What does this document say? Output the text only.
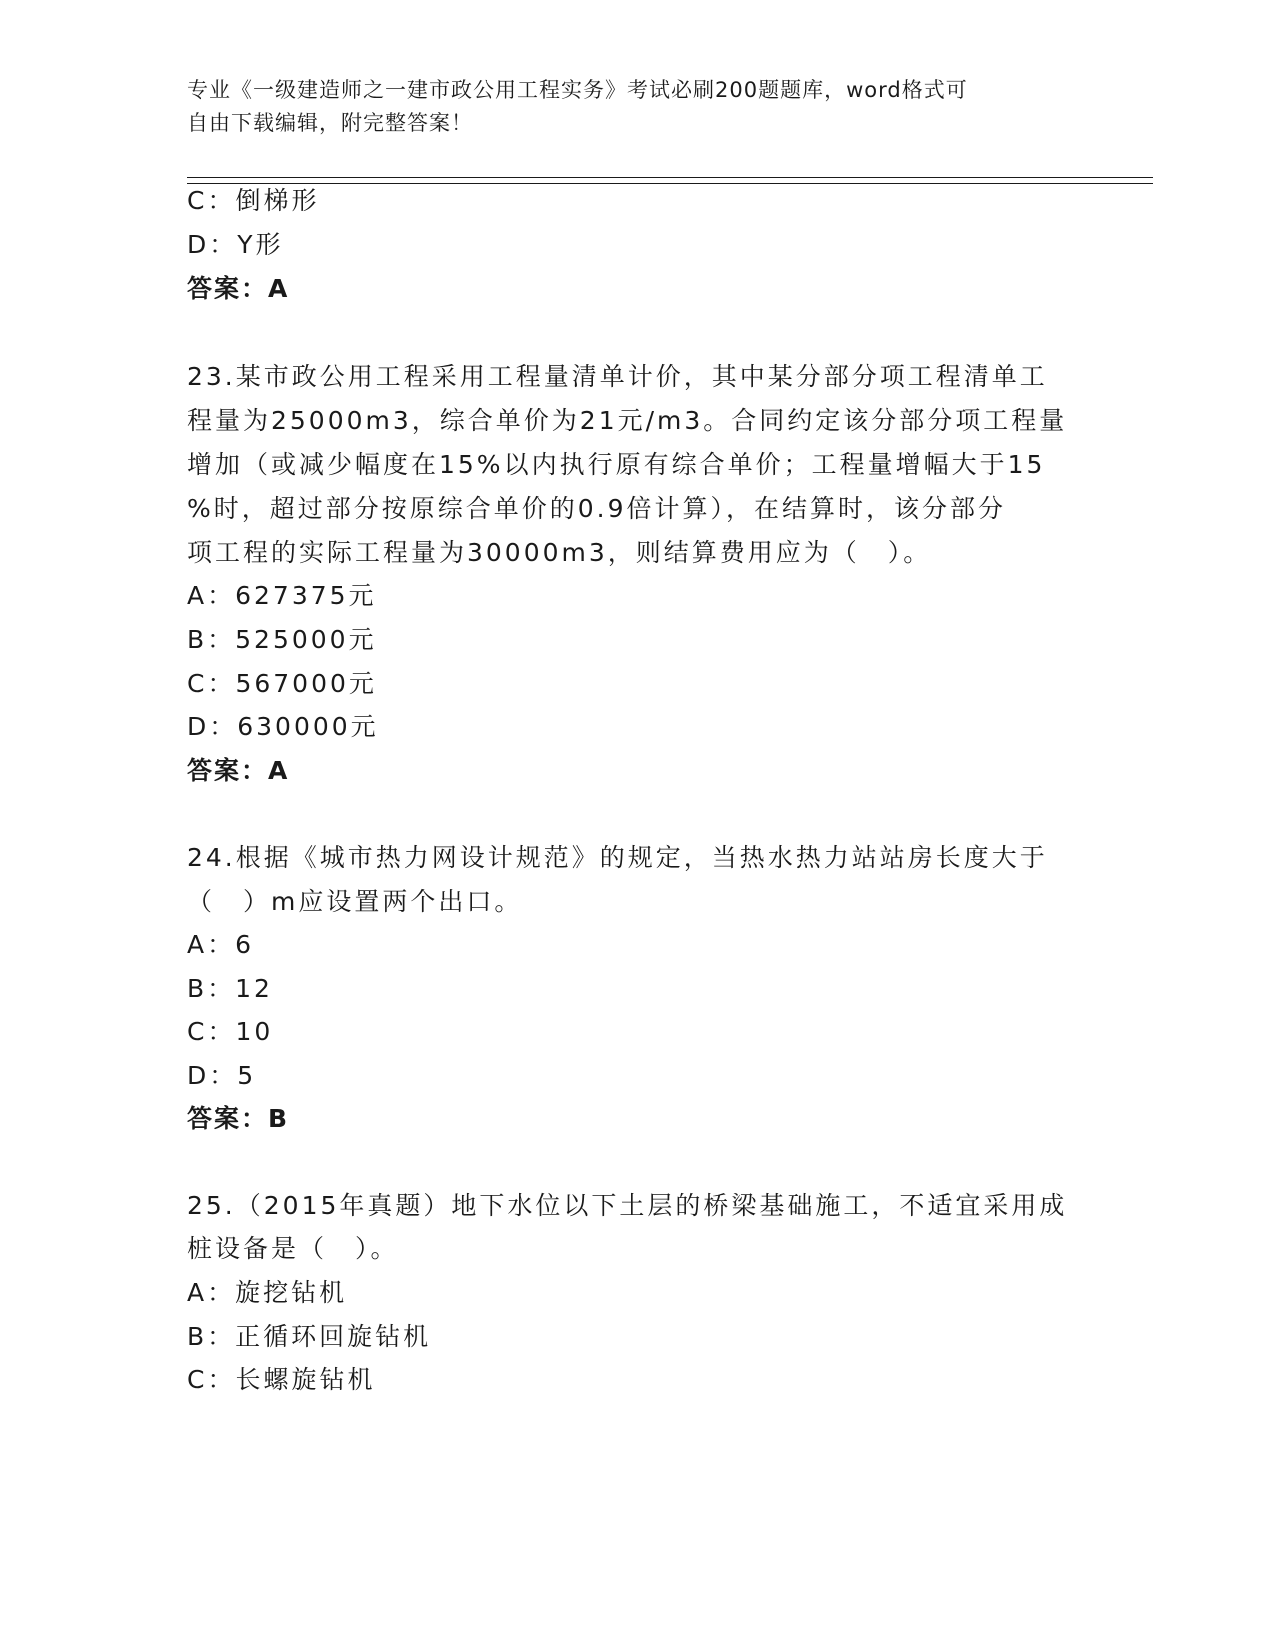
专业《一级建造师之一建市政公用工程实务》考试必刷200题题库，word格式可
自由下载编辑，附完整答案！
C：倒梯形
D：Y形
答案：A
23.某市政公用工程采用工程量清单计价，其中某分部分项工程清单工
程量为25000m3，综合单价为21元/m3。合同约定该分部分项工程量
增加（或减少幅度在15%以内执行原有综合单价；工程量增幅大于15
%时，超过部分按原综合单价的0.9倍计算），在结算时，该分部分
项工程的实际工程量为30000m3，则结算费用应为（　）。
A：627375元
B：525000元
C：567000元
D：630000元
答案：A
24.根据《城市热力网设计规范》的规定，当热水热力站站房长度大于
（　）m应设置两个出口。
A：6
B：12
C：10
D：5
答案：B
25.（2015年真题）地下水位以下土层的桥梁基础施工，不适宜采用成
桩设备是（　）。
A：旋挖钻机
B：正循环回旋钻机
C：长螺旋钻机
